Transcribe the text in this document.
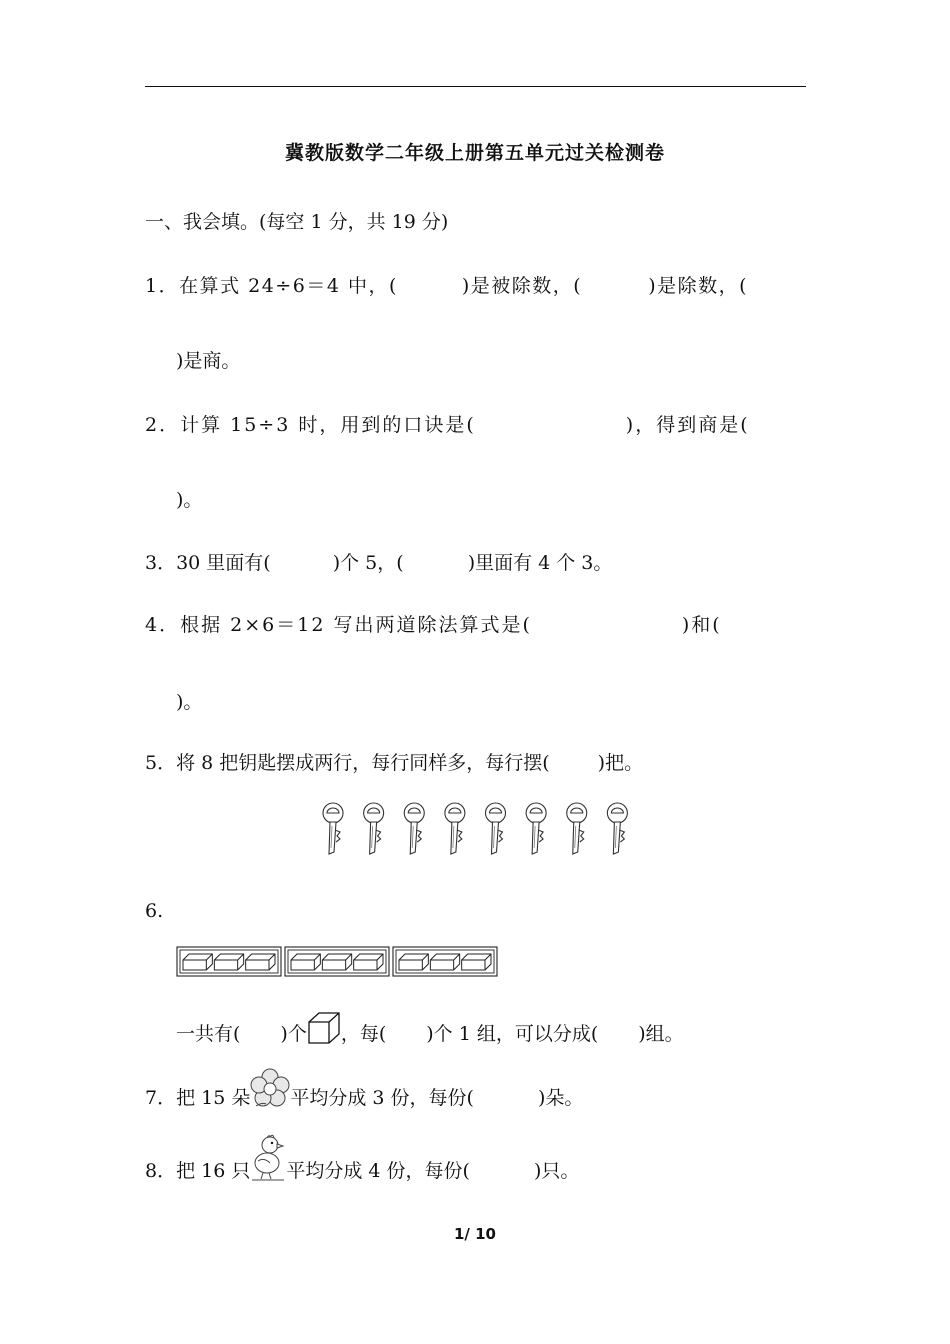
冀教版数学二年级上册第五单元过关检测卷
一、我会填。(每空 1 分，共 19 分)
1．在算式 24÷6＝4 中，(	)是被除数，(	)是除数，(
)是商。
2．计算 15÷3 时，用到的口诀是(	)，得到商是(
)。
3．30 里面有(	)个 5，(	)里面有 4 个 3。
4．根据 2×6＝12 写出两道除法算式是(	)和(
)。
5．将 8 把钥匙摆成两行，每行同样多，每行摆(	)把。
6.
一共有( )个 ，每( )个 1 组，可以分成( )组。
7．把 15 朵 平均分成 3 份，每份(	)朵。
8．把 16 只 平均分成 4 份，每份(	)只。
1/ 10
